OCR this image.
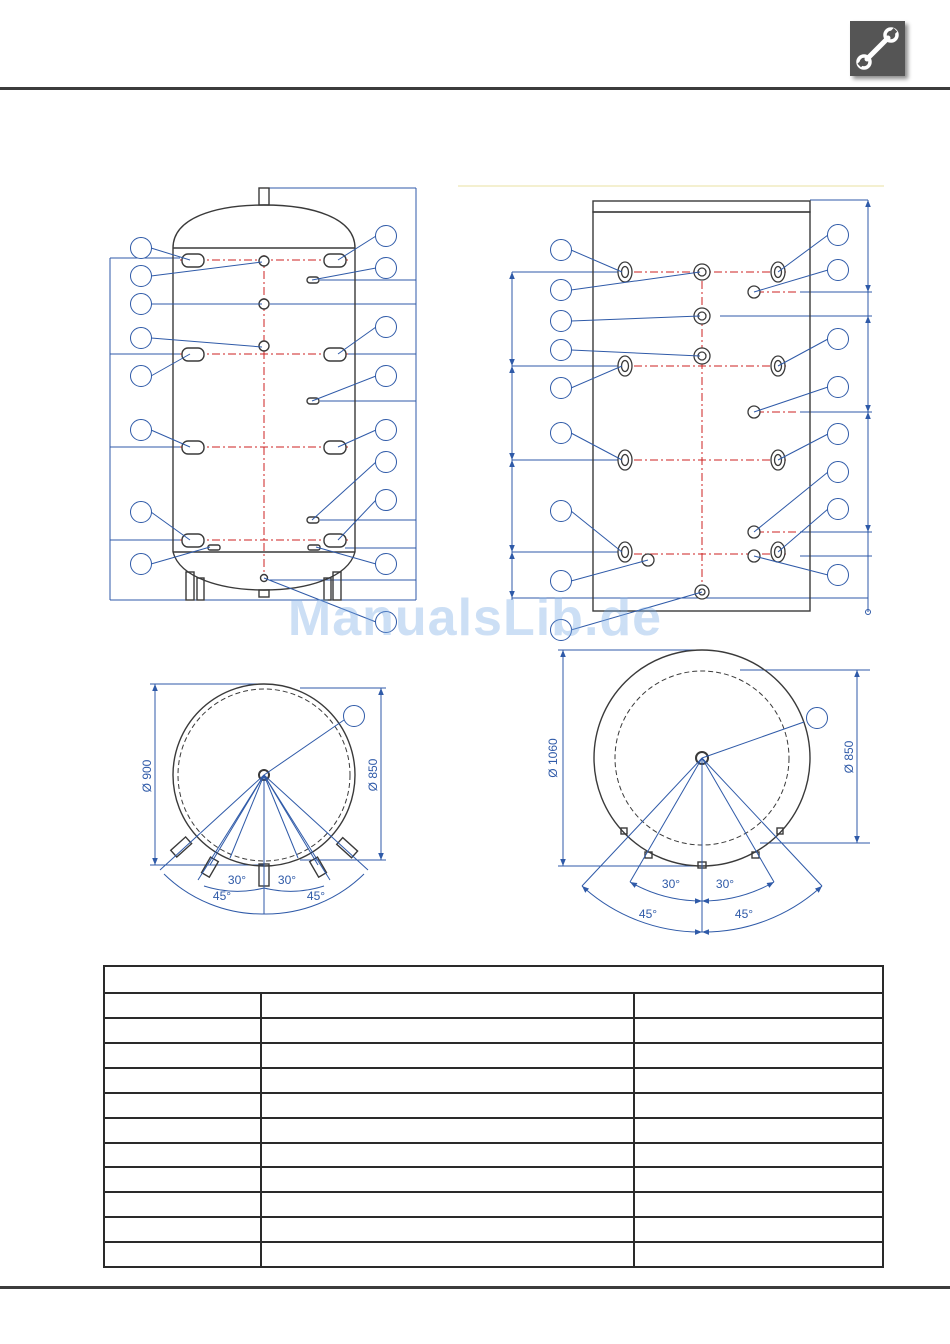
Ø 900	Ø 850
30°	30°
45°	45°
Ø 1060	Ø 850
30°	30°
45°	45°
ManualsLib.de
